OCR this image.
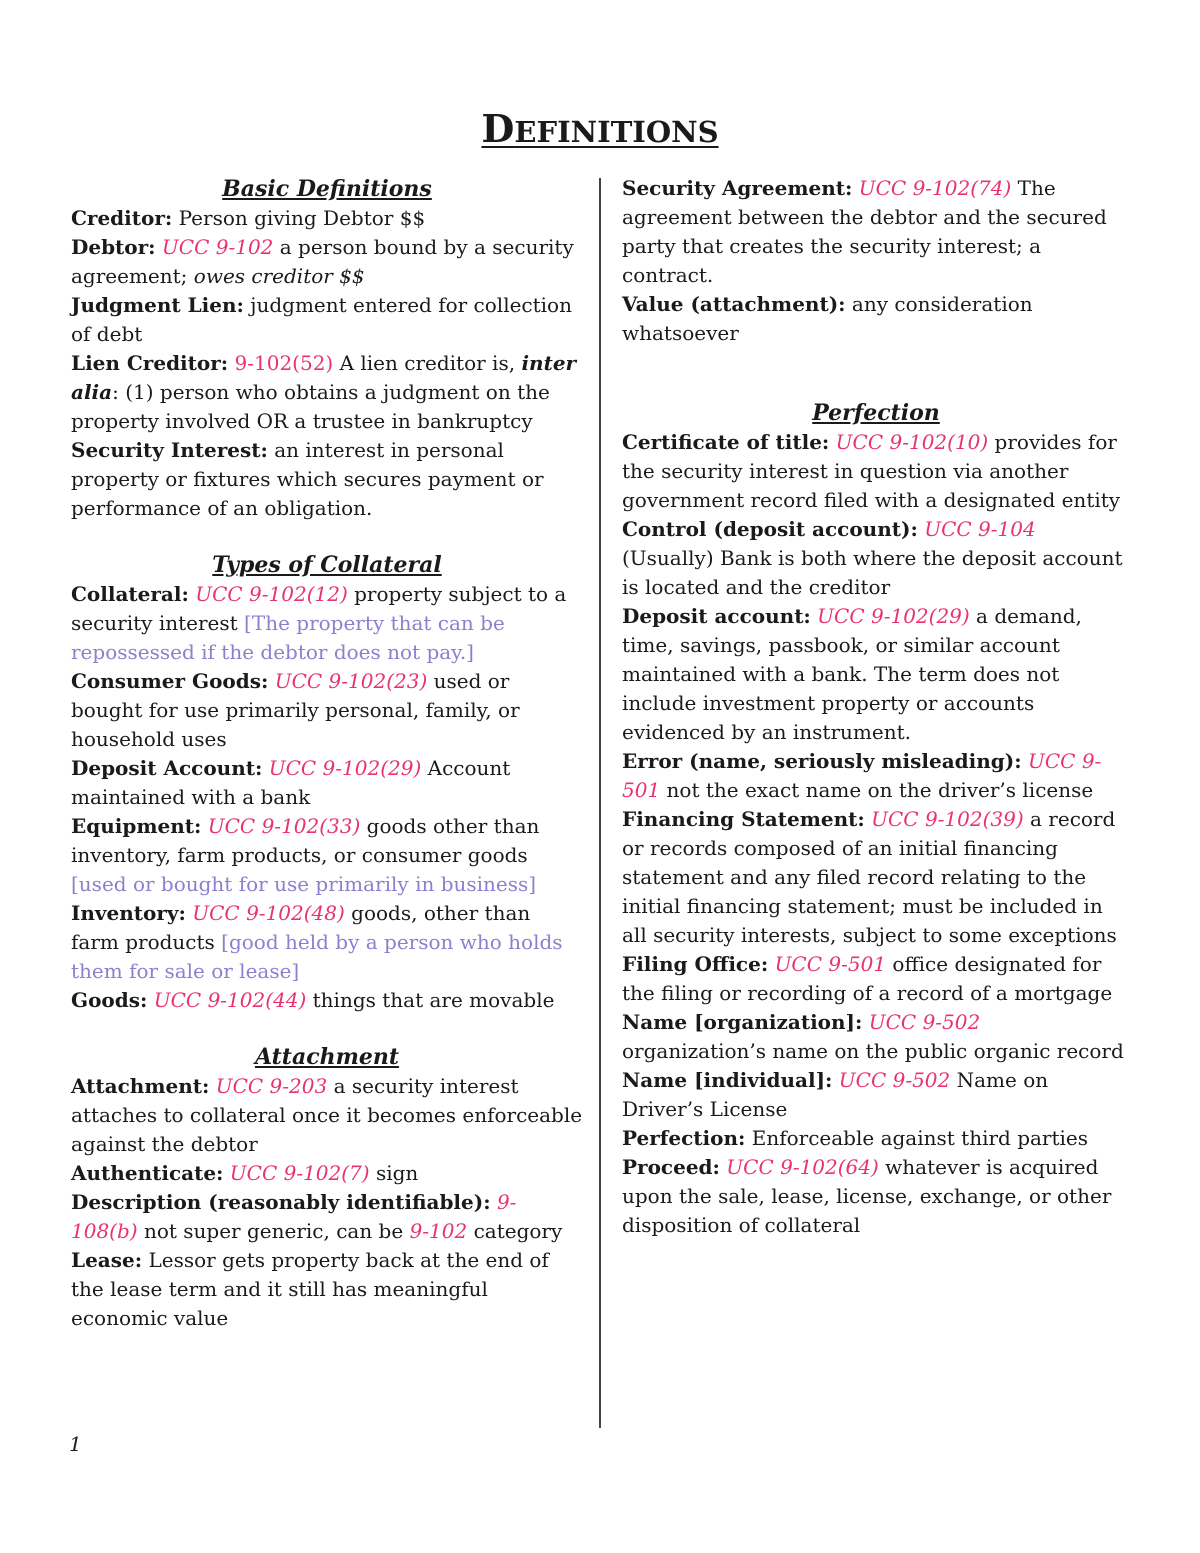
DEFINITIONS
Basic Definitions
Creditor: Person giving Debtor $$
Debtor: UCC 9-102 a person bound by a security agreement; owes creditor $$
Judgment Lien: judgment entered for collection of debt
Lien Creditor: 9-102(52) A lien creditor is, inter alia: (1) person who obtains a judgment on the property involved OR a trustee in bankruptcy
Security Interest: an interest in personal property or fixtures which secures payment or performance of an obligation.
Types of Collateral
Collateral: UCC 9-102(12) property subject to a security interest [The property that can be repossessed if the debtor does not pay.]
Consumer Goods: UCC 9-102(23) used or bought for use primarily personal, family, or household uses
Deposit Account: UCC 9-102(29) Account maintained with a bank
Equipment: UCC 9-102(33) goods other than inventory, farm products, or consumer goods [used or bought for use primarily in business]
Inventory: UCC 9-102(48) goods, other than farm products [good held by a person who holds them for sale or lease]
Goods: UCC 9-102(44) things that are movable
Attachment
Attachment: UCC 9-203 a security interest attaches to collateral once it becomes enforceable against the debtor
Authenticate: UCC 9-102(7) sign
Description (reasonably identifiable): 9-108(b) not super generic, can be 9-102 category
Lease: Lessor gets property back at the end of the lease term and it still has meaningful economic value
Security Agreement: UCC 9-102(74) The agreement between the debtor and the secured party that creates the security interest; a contract.
Value (attachment): any consideration whatsoever
Perfection
Certificate of title: UCC 9-102(10) provides for the security interest in question via another government record filed with a designated entity
Control (deposit account): UCC 9-104 (Usually) Bank is both where the deposit account is located and the creditor
Deposit account: UCC 9-102(29) a demand, time, savings, passbook, or similar account maintained with a bank. The term does not include investment property or accounts evidenced by an instrument.
Error (name, seriously misleading): UCC 9-501 not the exact name on the driver’s license
Financing Statement: UCC 9-102(39) a record or records composed of an initial financing statement and any filed record relating to the initial financing statement; must be included in all security interests, subject to some exceptions
Filing Office: UCC 9-501 office designated for the filing or recording of a record of a mortgage
Name [organization]: UCC 9-502 organization’s name on the public organic record
Name [individual]: UCC 9-502 Name on Driver’s License
Perfection: Enforceable against third parties
Proceed: UCC 9-102(64) whatever is acquired upon the sale, lease, license, exchange, or other disposition of collateral
1
